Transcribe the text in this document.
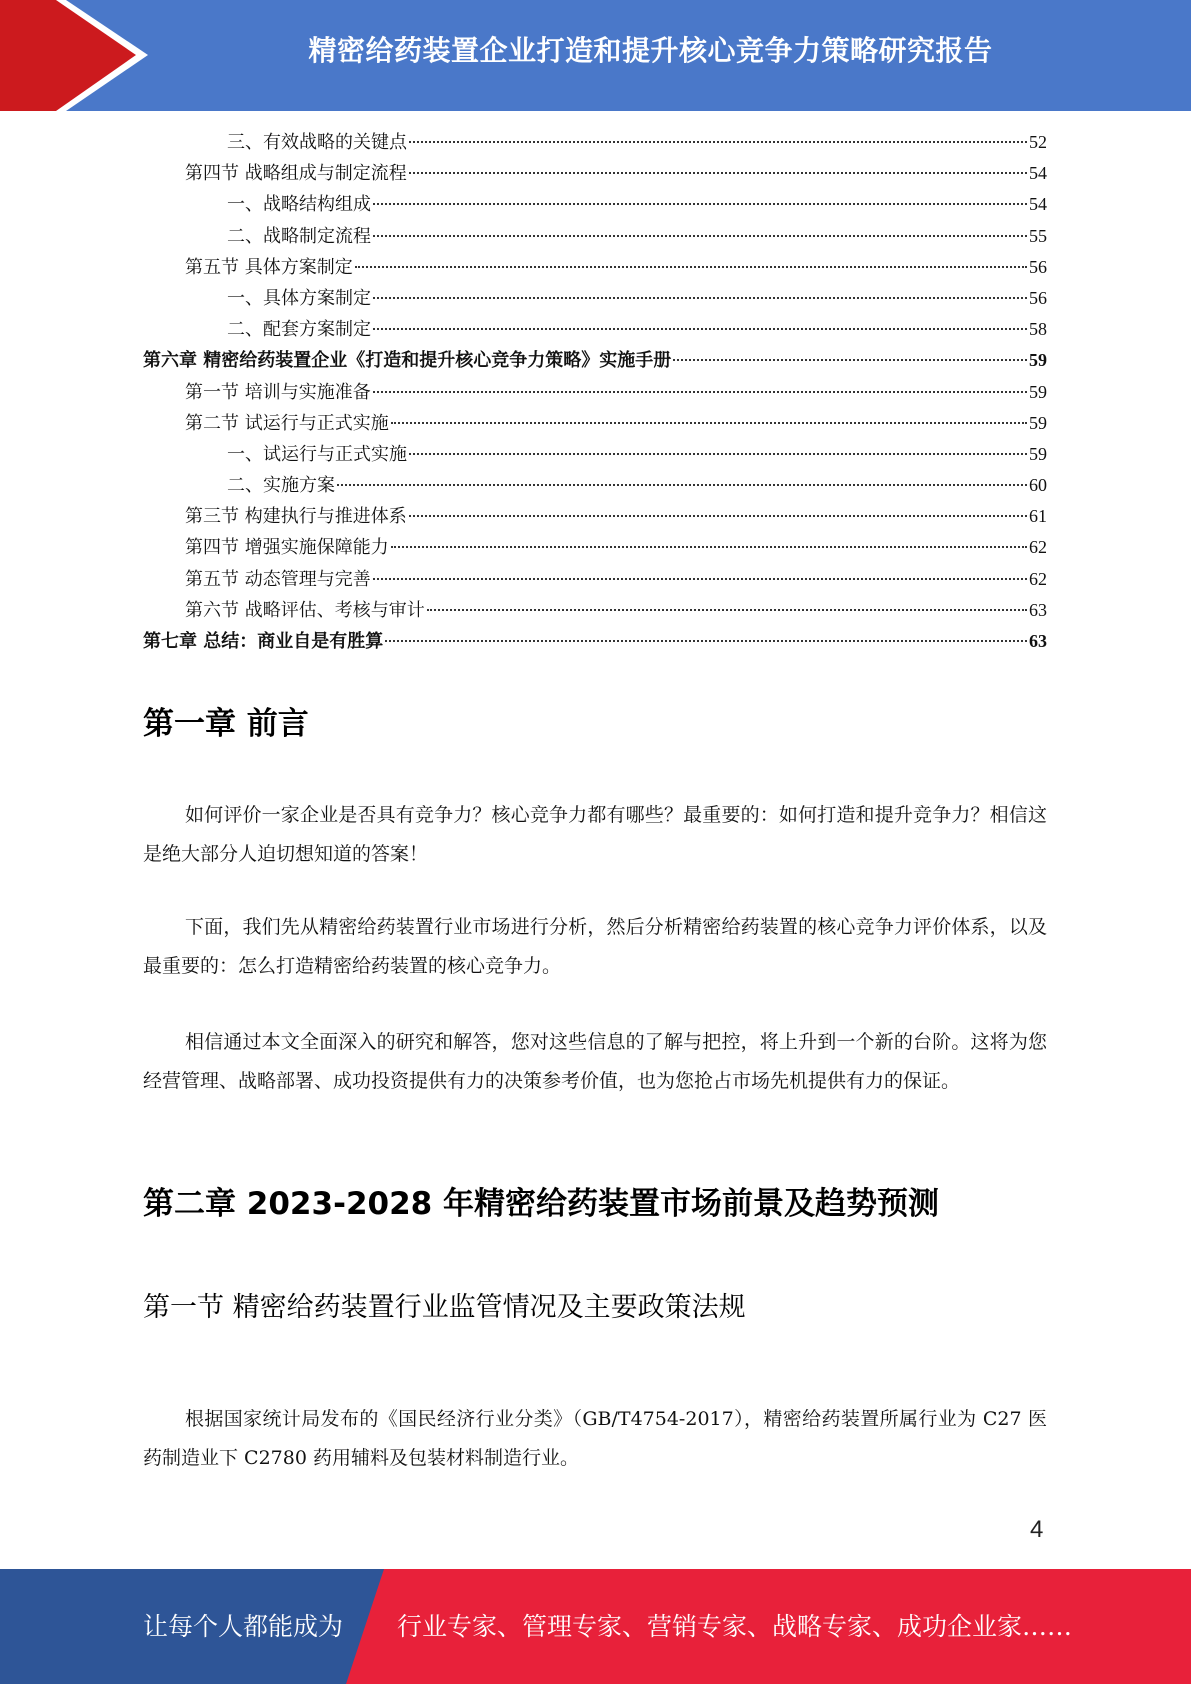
精密给药装置企业打造和提升核心竞争力策略研究报告
三、有效战略的关键点	52
第四节 战略组成与制定流程	54
一、战略结构组成	54
二、战略制定流程	55
第五节 具体方案制定	56
一、具体方案制定	56
二、配套方案制定	58
第六章 精密给药装置企业《打造和提升核心竞争力策略》实施手册	59
第一节 培训与实施准备	59
第二节 试运行与正式实施	59
一、试运行与正式实施	59
二、实施方案	60
第三节 构建执行与推进体系	61
第四节 增强实施保障能力	62
第五节 动态管理与完善	62
第六节 战略评估、考核与审计	63
第七章 总结：商业自是有胜算	63
第一章 前言
如何评价一家企业是否具有竞争力？核心竞争力都有哪些？最重要的：如何打造和提升竞争力？相信这是绝大部分人迫切想知道的答案！
下面，我们先从精密给药装置行业市场进行分析，然后分析精密给药装置的核心竞争力评价体系，以及最重要的：怎么打造精密给药装置的核心竞争力。
相信通过本文全面深入的研究和解答，您对这些信息的了解与把控，将上升到一个新的台阶。这将为您经营管理、战略部署、成功投资提供有力的决策参考价值，也为您抢占市场先机提供有力的保证。
第二章 2023-2028 年精密给药装置市场前景及趋势预测
第一节 精密给药装置行业监管情况及主要政策法规
根据国家统计局发布的《国民经济行业分类》（GB/T4754-2017），精密给药装置所属行业为 C27 医药制造业下 C2780 药用辅料及包装材料制造行业。
4
让每个人都能成为 行业专家、管理专家、营销专家、战略专家、成功企业家……
